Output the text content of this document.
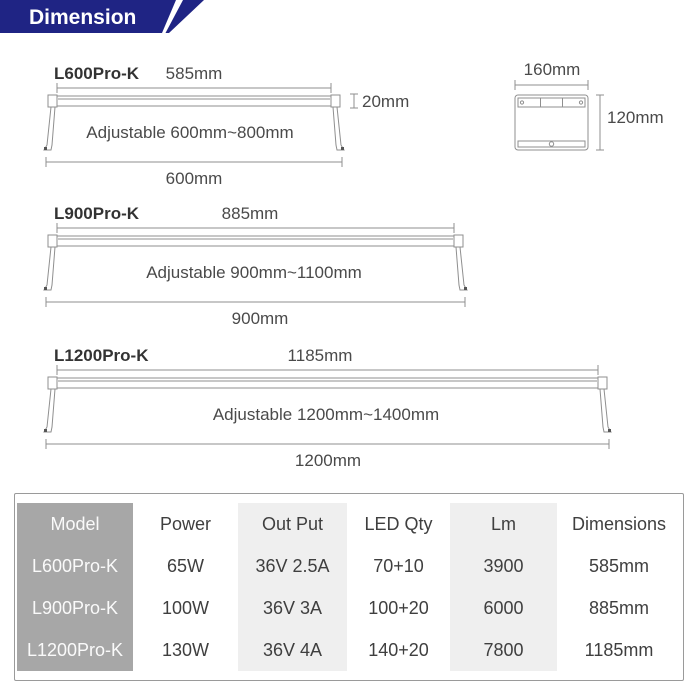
Dimension
L600Pro-K 585mm
20mm
Adjustable 600mm~800mm
600mm
160mm
120mm
L900Pro-K	885mm
Adjustable 900mm~1100mm
900mm
L1200Pro-K	1185mm
Adjustable 1200mm~1400mm
1200mm
Model	Power	Out Put	LED Qty	Lm	Dimensions
L600Pro-K	65W	36V 2.5A	70+10	3900	585mm
L900Pro-K	100W	36V 3A	100+20	6000	885mm
L1200Pro-K	130W	36V 4A	140+20	7800	1185mm
